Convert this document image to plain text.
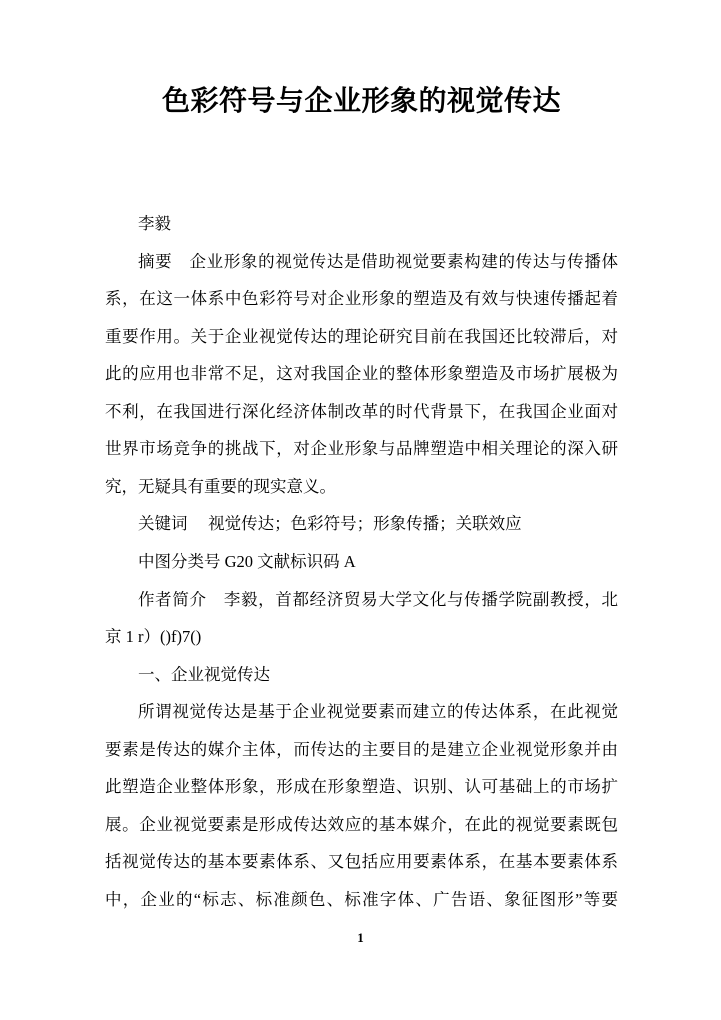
色彩符号与企业形象的视觉传达
李毅
摘要　企业形象的视觉传达是借助视觉要素构建的传达与传播体
系，在这一体系中色彩符号对企业形象的塑造及有效与快速传播起着
重要作用。关于企业视觉传达的理论研究目前在我国还比较滞后，对
此的应用也非常不足，这对我国企业的整体形象塑造及市场扩展极为
不利，在我国进行深化经济体制改革的时代背景下，在我国企业面对
世界市场竞争的挑战下，对企业形象与品牌塑造中相关理论的深入研
究，无疑具有重要的现实意义。
关键词　 视觉传达；色彩符号；形象传播；关联效应
中图分类号 G20 文献标识码 A
作者简介　李毅，首都经济贸易大学文化与传播学院副教授，北
京 1 r）()f)7()
一、企业视觉传达
所谓视觉传达是基于企业视觉要素而建立的传达体系，在此视觉
要素是传达的媒介主体，而传达的主要目的是建立企业视觉形象并由
此塑造企业整体形象，形成在形象塑造、识别、认可基础上的市场扩
展。企业视觉要素是形成传达效应的基本媒介，在此的视觉要素既包
括视觉传达的基本要素体系、又包括应用要素体系，在基本要素体系
中，企业的“标志、标准颜色、标准字体、广告语、象征图形”等要
1
